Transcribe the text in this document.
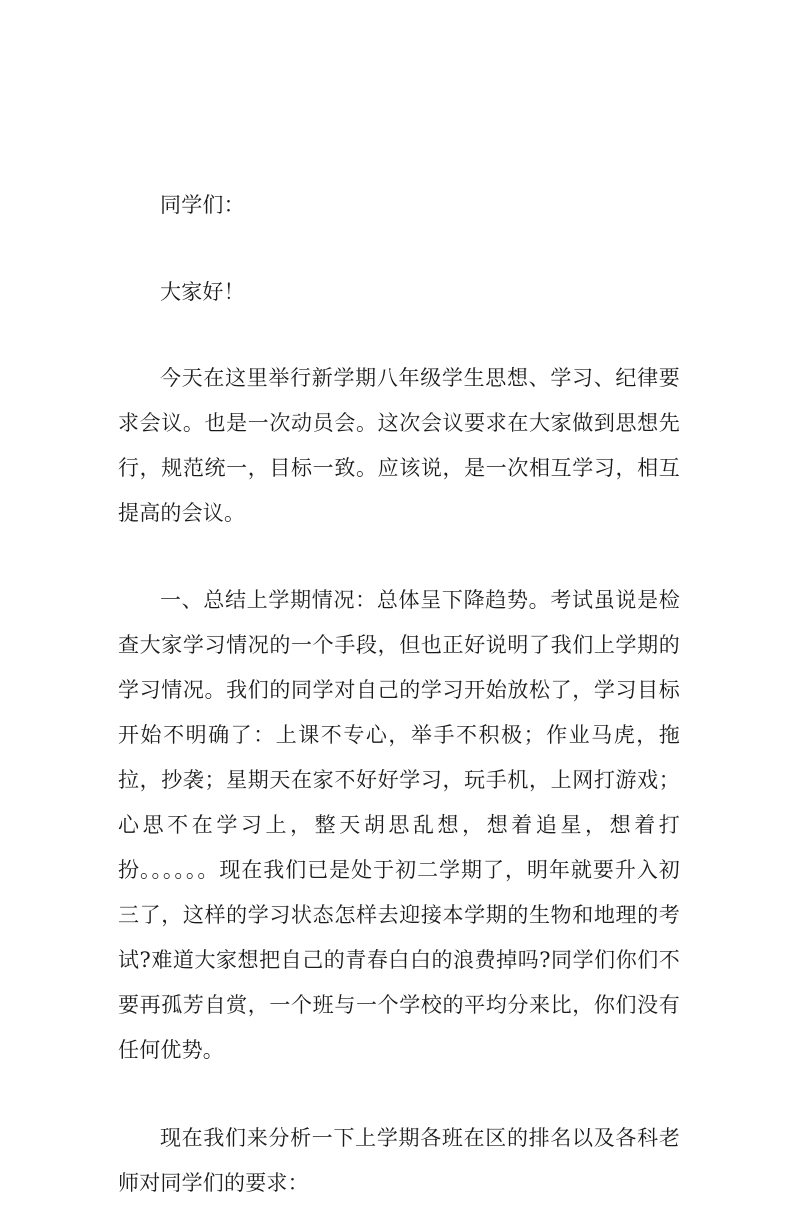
同学们：

大家好！

今天在这里举行新学期八年级学生思想、学习、纪律要求会议。也是一次动员会。这次会议要求在大家做到思想先行，规范统一，目标一致。应该说，是一次相互学习，相互提高的会议。

一、总结上学期情况：总体呈下降趋势。考试虽说是检查大家学习情况的一个手段，但也正好说明了我们上学期的学习情况。我们的同学对自己的学习开始放松了，学习目标开始不明确了：上课不专心，举手不积极；作业马虎，拖拉，抄袭；星期天在家不好好学习，玩手机，上网打游戏；心思不在学习上，整天胡思乱想，想着追星，想着打扮。。。。。。现在我们已是处于初二学期了，明年就要升入初三了，这样的学习状态怎样去迎接本学期的生物和地理的考试?难道大家想把自己的青春白白的浪费掉吗?同学们你们不要再孤芳自赏，一个班与一个学校的平均分来比，你们没有任何优势。

现在我们来分析一下上学期各班在区的排名以及各科老师对同学们的要求：
